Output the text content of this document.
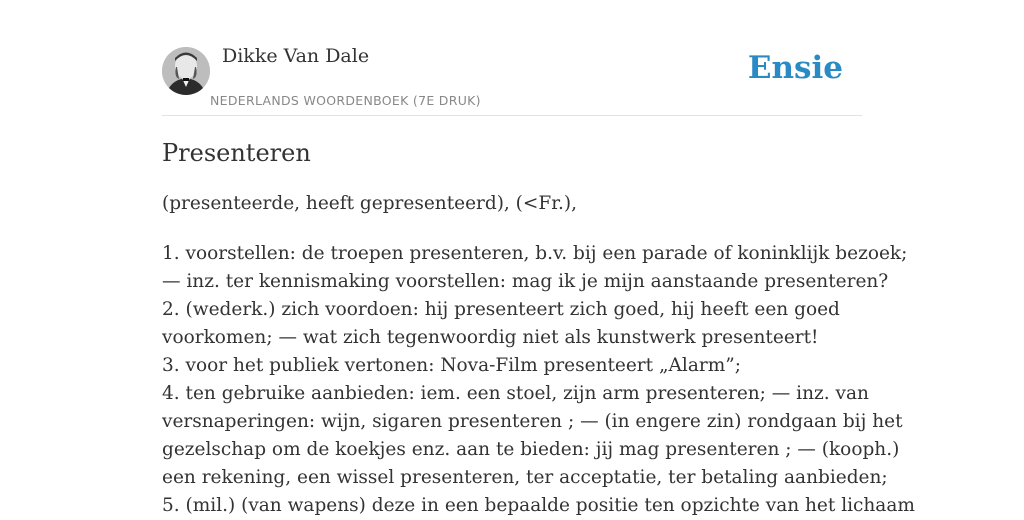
Dikke Van Dale
NEDERLANDS WOORDENBOEK (7E DRUK)
Ensie
Presenteren

(presenteerde, heeft gepresenteerd), (<Fr.),

1. voorstellen: de troepen presenteren, b.v. bij een parade of koninklijk bezoek;
— inz. ter kennismaking voorstellen: mag ik je mijn aanstaande presenteren?
2. (wederk.) zich voordoen: hij presenteert zich goed, hij heeft een goed
voorkomen; — wat zich tegenwoordig niet als kunstwerk presenteert!
3. voor het publiek vertonen: Nova-Film presenteert „Alarm”;
4. ten gebruike aanbieden: iem. een stoel, zijn arm presenteren; — inz. van
versnaperingen: wijn, sigaren presenteren ; — (in engere zin) rondgaan bij het
gezelschap om de koekjes enz. aan te bieden: jij mag presenteren ; — (kooph.)
een rekening, een wissel presenteren, ter acceptatie, ter betaling aanbieden;
5. (mil.) (van wapens) deze in een bepaalde positie ten opzichte van het lichaam
